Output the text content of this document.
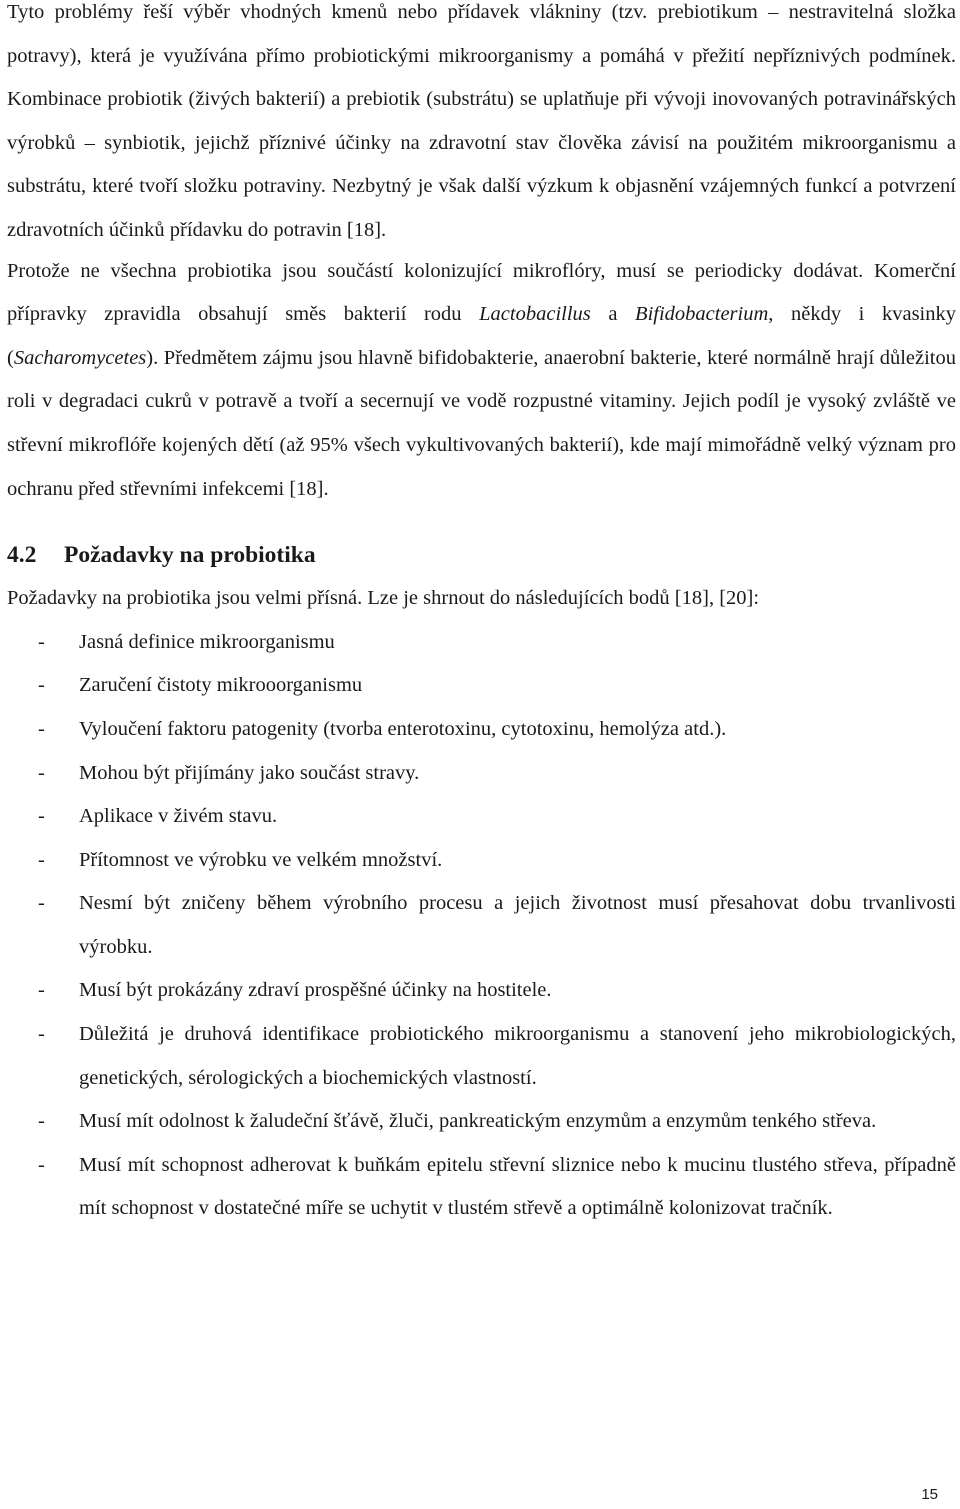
Tyto problémy řeší výběr vhodných kmenů nebo přídavek vlákniny (tzv. prebiotikum – nestravitelná složka potravy), která je využívána přímo probiotickými mikroorganismy a pomáhá v přežití nepříznivých podmínek. Kombinace probiotik (živých bakterií) a prebiotik (substrátu) se uplatňuje při vývoji inovovaných potravinářských výrobků – synbiotik, jejichž příznivé účinky na zdravotní stav člověka závisí na použitém mikroorganismu a substrátu, které tvoří složku potraviny. Nezbytný je však další výzkum k objasnění vzájemných funkcí a potvrzení zdravotních účinků přídavku do potravin [18].

Protože ne všechna probiotika jsou součástí kolonizující mikroflóry, musí se periodicky dodávat. Komerční přípravky zpravidla obsahují směs bakterií rodu Lactobacillus a Bifidobacterium, někdy i kvasinky (Sacharomycetes). Předmětem zájmu jsou hlavně bifidobakterie, anaerobní bakterie, které normálně hrají důležitou roli v degradaci cukrů v potravě a tvoří a secernují ve vodě rozpustné vitaminy. Jejich podíl je vysoký zvláště ve střevní mikroflóře kojených dětí (až 95% všech vykultivovaných bakterií), kde mají mimořádně velký význam pro ochranu před střevními infekcemi [18].

4.2 Požadavky na probiotika

Požadavky na probiotika jsou velmi přísná. Lze je shrnout do následujících bodů [18], [20]:

- Jasná definice mikroorganismu
- Zaručení čistoty mikrooorganismu
- Vyloučení faktoru patogenity (tvorba enterotoxinu, cytotoxinu, hemolýza atd.).
- Mohou být přijímány jako součást stravy.
- Aplikace v živém stavu.
- Přítomnost ve výrobku ve velkém množství.
- Nesmí být zničeny během výrobního procesu a jejich životnost musí přesahovat dobu trvanlivosti výrobku.
- Musí být prokázány zdraví prospěšné účinky na hostitele.
- Důležitá je druhová identifikace probiotického mikroorganismu a stanovení jeho mikrobiologických, genetických, sérologických a biochemických vlastností.
- Musí mít odolnost k žaludeční šťávě, žluči, pankreatickým enzymům a enzymům tenkého střeva.
- Musí mít schopnost adherovat k buňkám epitelu střevní sliznice nebo k mucinu tlustého střeva, případně mít schopnost v dostatečné míře se uchytit v tlustém střevě a optimálně kolonizovat tračník.
15
